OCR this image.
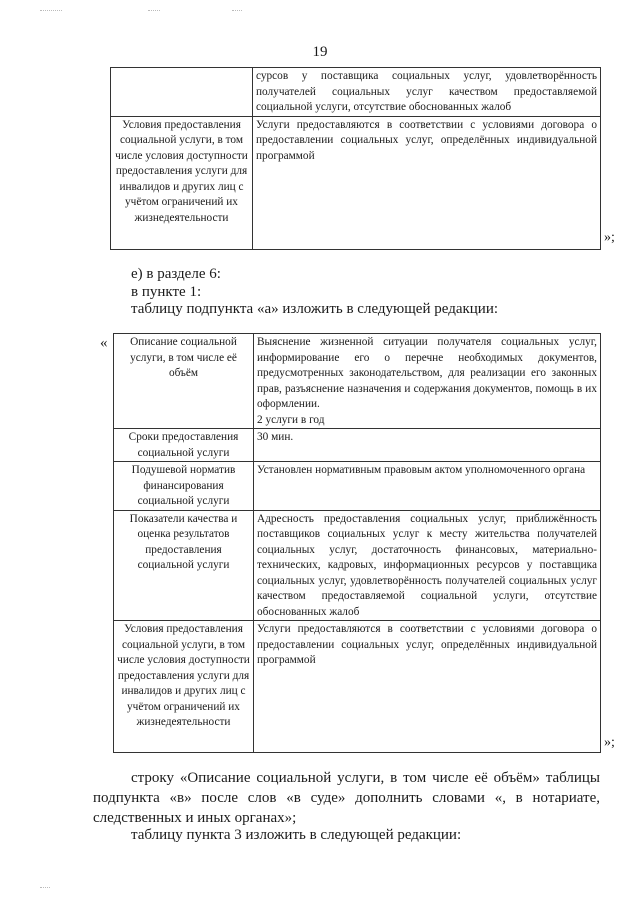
19
	сурсов у поставщика социальных услуг, удовлетворённость получателей социальных услуг качеством предоставляемой социальной услуги, отсутствие обоснованных жалоб
Условия предоставления социальной услуги, в том числе условия доступности предоставления услуги для инвалидов и других лиц с учётом ограничений их жизнедеятельности	Услуги предоставляются в соответствии с условиями договора о предоставлении социальных услуг, определённых индивидуальной программой
»;

е) в разделе 6:

в пункте 1:

таблицу подпункта «а» изложить в следующей редакции:

« Описание социальной услуги, в том числе её объём	Выяснение жизненной ситуации получателя социальных услуг, информирование его о перечне необходимых документов, предусмотренных законодательством, для реализации его законных прав, разъяснение назначения и содержания документов, помощь в их оформлении.
2 услуги в год

Сроки предоставления социальной услуги	30 мин.
Подушевой норматив финансирования социальной услуги	Установлен нормативным правовым актом уполномоченного органа
Показатели качества и оценка результатов предоставления социальной услуги	Адресность предоставления социальных услуг, приближённость поставщиков социальных услуг к месту жительства получателей социальных услуг, достаточность финансовых, материально-технических, кадровых, информационных ресурсов у поставщика социальных услуг, удовлетворённость получателей социальных услуг качеством предоставляемой социальной услуги, отсутствие обоснованных жалоб
Условия предоставления социальной услуги, в том числе условия доступности предоставления услуги для инвалидов и других лиц с учётом ограничений их жизнедеятельности	Услуги предоставляются в соответствии с условиями договора о предоставлении социальных услуг, определённых индивидуальной программой
»;

строку «Описание социальной услуги, в том числе её объём» таблицы подпункта «в» после слов «в суде» дополнить словами «, в нотариате, следственных и иных органах»;

таблицу пункта 3 изложить в следующей редакции:
